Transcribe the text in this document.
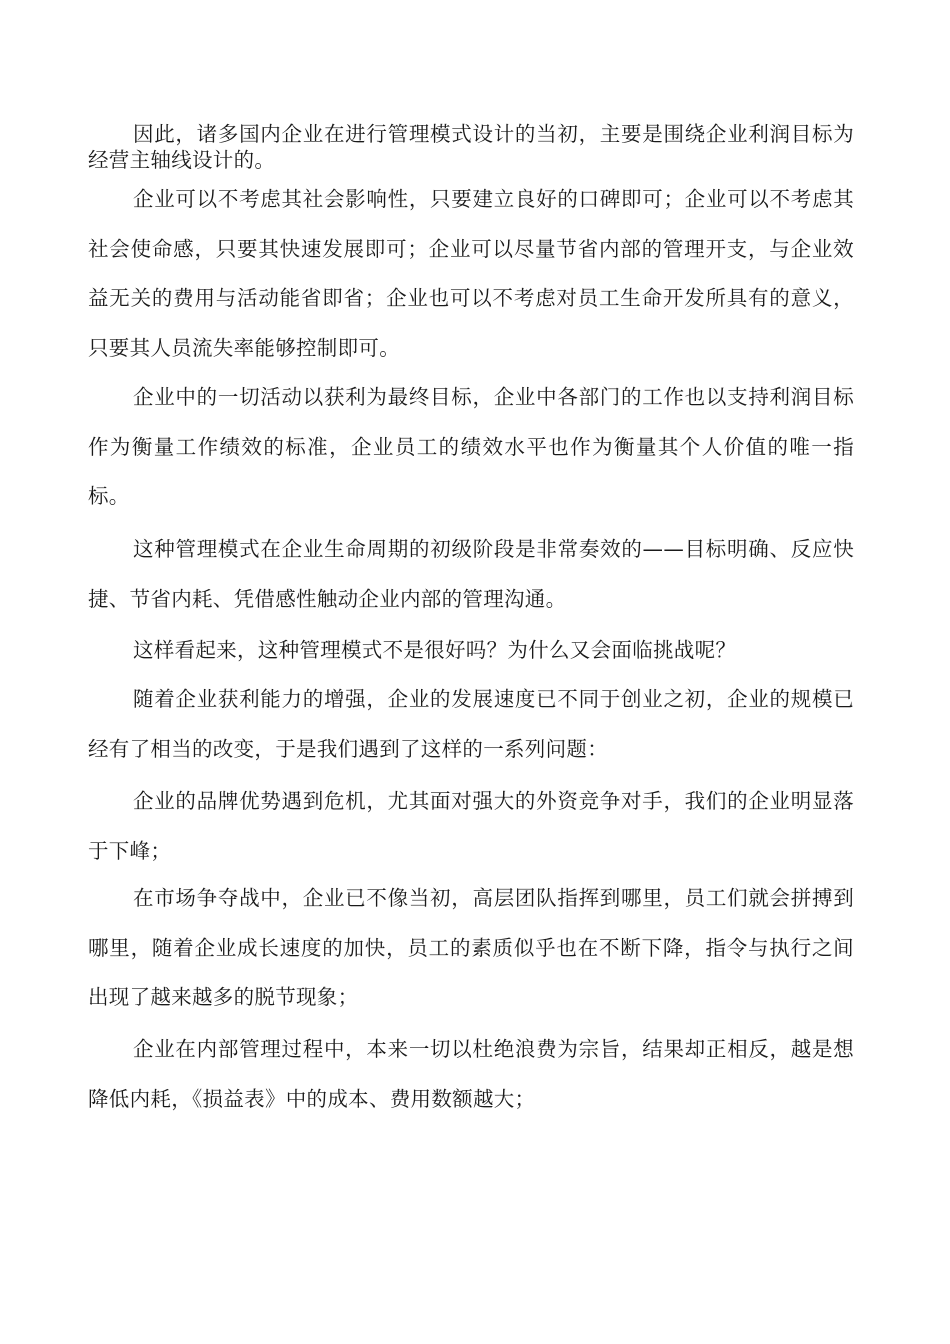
因此，诸多国内企业在进行管理模式设计的当初，主要是围绕企业利润目标为经营主轴线设计的。

企业可以不考虑其社会影响性，只要建立良好的口碑即可；企业可以不考虑其社会使命感，只要其快速发展即可；企业可以尽量节省内部的管理开支，与企业效益无关的费用与活动能省即省；企业也可以不考虑对员工生命开发所具有的意义，只要其人员流失率能够控制即可。

企业中的一切活动以获利为最终目标，企业中各部门的工作也以支持利润目标作为衡量工作绩效的标准，企业员工的绩效水平也作为衡量其个人价值的唯一指标。

这种管理模式在企业生命周期的初级阶段是非常奏效的——目标明确、反应快捷、节省内耗、凭借感性触动企业内部的管理沟通。

这样看起来，这种管理模式不是很好吗？为什么又会面临挑战呢？

随着企业获利能力的增强，企业的发展速度已不同于创业之初，企业的规模已经有了相当的改变，于是我们遇到了这样的一系列问题：

企业的品牌优势遇到危机，尤其面对强大的外资竞争对手，我们的企业明显落于下峰；

在市场争夺战中，企业已不像当初，高层团队指挥到哪里，员工们就会拼搏到哪里，随着企业成长速度的加快，员工的素质似乎也在不断下降，指令与执行之间出现了越来越多的脱节现象；

企业在内部管理过程中，本来一切以杜绝浪费为宗旨，结果却正相反，越是想降低内耗，《损益表》中的成本、费用数额越大；
